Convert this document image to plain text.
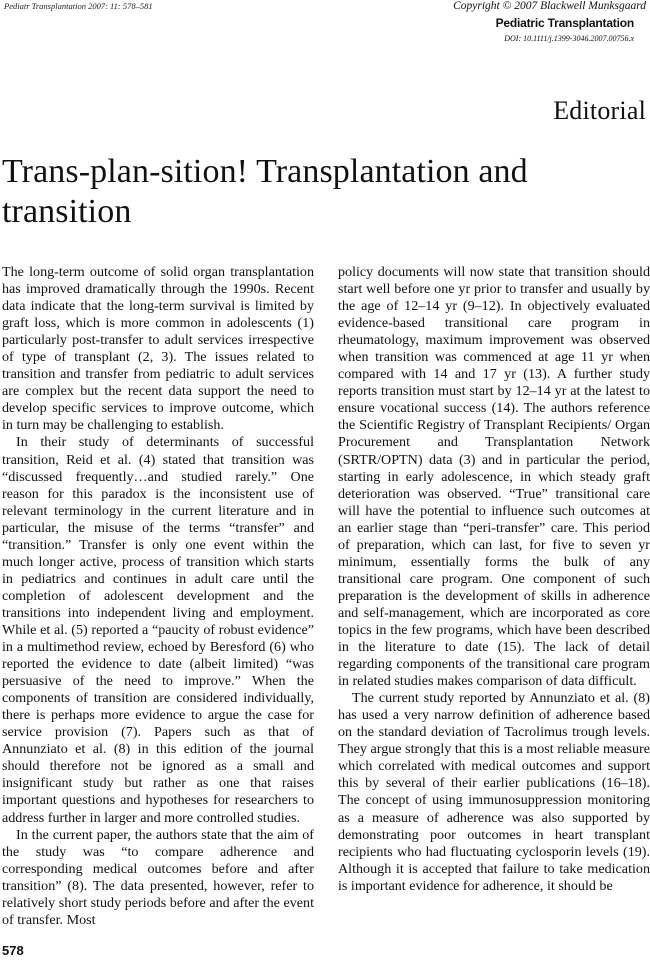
Pediatr Transplantation 2007: 11: 578–581	Copyright © 2007 Blackwell Munksgaard
Pediatric Transplantation
DOI: 10.1111/j.1399-3046.2007.00756.x
Editorial
Trans-plan-sition! Transplantation and transition

The long-term outcome of solid organ transplantation has improved dramatically through the 1990s. Recent data indicate that the long-term survival is limited by graft loss, which is more common in adolescents (1) particularly post-transfer to adult services irrespective of type of transplant (2, 3). The issues related to transition and transfer from pediatric to adult services are complex but the recent data support the need to develop specific services to improve outcome, which in turn may be challenging to establish.

In their study of determinants of successful transition, Reid et al. (4) stated that transition was “discussed frequently…and studied rarely.” One reason for this paradox is the inconsistent use of relevant terminology in the current literature and in particular, the misuse of the terms “transfer” and “transition.” Transfer is only one event within the much longer active, process of transition which starts in pediatrics and continues in adult care until the completion of adolescent development and the transitions into independent living and employment. While et al. (5) reported a “paucity of robust evidence” in a multimethod review, echoed by Beresford (6) who reported the evidence to date (albeit limited) “was persuasive of the need to improve.” When the components of transition are considered individually, there is perhaps more evidence to argue the case for service provision (7). Papers such as that of Annunziato et al. (8) in this edition of the journal should therefore not be ignored as a small and insignificant study but rather as one that raises important questions and hypotheses for researchers to address further in larger and more controlled studies.

In the current paper, the authors state that the aim of the study was “to compare adherence and corresponding medical outcomes before and after transition” (8). The data presented, however, refer to relatively short study periods before and after the event of transfer. Most

policy documents will now state that transition should start well before one yr prior to transfer and usually by the age of 12–14 yr (9–12). In objectively evaluated evidence-based transitional care program in rheumatology, maximum improvement was observed when transition was commenced at age 11 yr when compared with 14 and 17 yr (13). A further study reports transition must start by 12–14 yr at the latest to ensure vocational success (14). The authors reference the Scientific Registry of Transplant Recipients/ Organ Procurement and Transplantation Network (SRTR/OPTN) data (3) and in particular the period, starting in early adolescence, in which steady graft deterioration was observed. “True” transitional care will have the potential to influence such outcomes at an earlier stage than “peri-transfer” care. This period of preparation, which can last, for five to seven yr minimum, essentially forms the bulk of any transitional care program. One component of such preparation is the development of skills in adherence and self-management, which are incorporated as core topics in the few programs, which have been described in the literature to date (15). The lack of detail regarding components of the transitional care program in related studies makes comparison of data difficult.

The current study reported by Annunziato et al. (8) has used a very narrow definition of adherence based on the standard deviation of Tacrolimus trough levels. They argue strongly that this is a most reliable measure which correlated with medical outcomes and support this by several of their earlier publications (16–18). The concept of using immunosuppression monitoring as a measure of adherence was also supported by demonstrating poor outcomes in heart transplant recipients who had fluctuating cyclosporin levels (19). Although it is accepted that failure to take medication is important evidence for adherence, it should be

578
